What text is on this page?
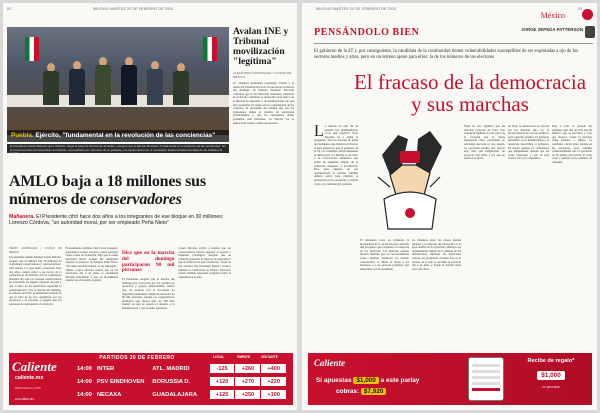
02	MILENIO MARTES 20 DE FEBRERO DE 2024
Puebla. Ejército, "fundamental en la revolución de las conciencias"
El presidente Andrés Manuel López Obrador, elogió al papel de las fuerzas armadas y aseguró que el Ejército Mexicano "fundamental en la revolución de las conciencias". En la conmemoración del aniversario del instituto, acompañado por miembros de su gabinete y la cúpula castrense, el mandatario federal enfatizó la lealtad de los soldados al pueblo.
Avalan INE y Tribunal movilización "legítima"
ALEJANDRO DOMÍNGUEZ / CIUDAD DE MÉXICO
La consejera presidenta Guadalupe Taddei y el titular del Tribunal Electoral reconocieron la marcha del domingo. El Instituto Nacional Electoral considera que la movilización ciudadana celebrada en el Zócalo capitalino se desarrolló en el marco de la libertad de expresión y de manifestación, sin que ello represente un riesgo para la organización de los comicios. El presidente del tribunal dijo que los ciudadanos tienen el derecho de expresarse pacíficamente y que las autoridades deben garantizar esas libertades. La marcha por la democracia reunió a miles de personas.
AMLO baja a 18 millones sus números de conservadores
Mañanera. El Presidente cifró hace dos años a los integrantes de ese bloque en 30 millones; Lorenzo Córdova, "un autoridad moral, por ser empleado Peña Nieto"
PEDRO DOMÍNGUEZ / CIUDAD DE MÉXICO
El presidente Andrés Manuel López Obrador aseguró que en México hay 18 millones de ciudadanos conservadores y 'aspiracionistas', cifra menor a la que había presentado hace dos años, cuando ubicó a ese sector de la población en 30 millones. En su conferencia matutina dijo que los votantes conservadores se concentran en algunas regiones del país y que el resto de los mexicanos respaldan la transformación. Tras la marcha del domingo en defensa del INE, el mandatario insistió en que se trató de un acto organizado por los opositores a su gobierno y aseguró que los asistentes no representan a la mayoría.
El mandatario también criticó al ex consejero presidente Lorenzo Córdova, quien participó como orador en la marcha. Dijo que no tiene autoridad moral porque fue designado durante el gobierno de Enrique Peña Nieto. "No tiene autoridad moral, es un empleado", afirmó. López Obrador reiteró que en las elecciones del 2 de junio la ciudadanía decidirá libremente y que su movimiento cuenta con el respaldo popular.
Dice que en la marcha del domingo participaron 90 mil personas
El Presidente aseguró que la marcha del domingo fue convocada por los partidos de oposición y grupos empresariales. Indicó que, de acuerdo con la Secretaría de Seguridad Ciudadana, asistieron alrededor de 90 mil personas, aunque los organizadores afirmaron que fueron más de 700 mil. Insistió en que se respeta el derecho a la manifestación y que no hubo represión.
López Obrador volvió a señalar que los conservadores buscan regresar al pasado y mantener privilegios. Aseguró que su gobierno garantiza la libertad de expresión y que la democracia está fortalecida. "Aquí no hay censura, hay libertades plenas", sostuvo durante la conferencia en Palacio Nacional, donde también respondió preguntas sobre la seguridad en el país.
Caliente
caliente.mx
DESCARGA LA APP
LIGA BBVA MX
PARTIDOS 20 DE FEBRERO	LOCAL	EMPATE	VISITANTE
14:00 INTER	ATL. MADRID	-125	+260	+400
14:00 PSV EINDHOVEN	BORUSSIA D.	+120	+270	+220
14:00 NECAXA	GUADALAJARA	+125	+250	+100
MILENIO MARTES 20 DE FEBRERO DE 2024	03
México
PENSÁNDOLO BIEN	JORGE ZEPEDA PATTERSON
El gobierno de la 4T y, por consiguiente, la candidata de la continuidad tienen vulnerabilidades susceptibles de ser explotadas a ojo de los sectores medios y altos, pero en un terreno ajeno para ellos: la de los números de los electores
El fracaso de la democracia y sus marchas
La marcha de este fin de semana fue multitudinaria, ¿Con qué objetivo? Todo depende de a quién le pregunten. Tras los decenas de miles de ciudadanos que llenaron el Zócalo, la idea general es que el gobierno de la 4T y la candidata oficial amenazan la democracia. La marcha es un éxito y su convocatoria demuestra que existe un segmento amplio de la población dispuesto a movilizarse. Pero para algunos de sus organizadores la marcha también debería servir para cambiar la percepción en las encuestas y restarle votos a la candidata del gobierno.
El fenómeno pone en evidencia la incapacidad de la oposición para articular una propuesta que convenza a la mayoría de los electores. Las marchas pueden mostrar músculo pero no necesariamente votos. Quienes asistieron ya estaban convencidos; lo difícil es atraer a los indecisos y a los sectores populares que simpatizan con el presidente.
La distancia entre las clases medias urbanas y la mayoría del electorado es el gran desafío de la oposición. Mientras los organizadores hablan de la defensa de las instituciones, millones de mexicanos valoran los programas sociales. Ese es el terreno en el que se decidirá la elección del 2 de junio y donde la marcha tiene poco que decir.
Nada de esto significa que las marchas carezcan de valor. Son expresión legítima de una parte de la sociedad que se siente amenazada. Pero convertirlas en estrategia electoral es otro asunto. La oposición tendría que ofrecer algo más que indignación: un proyecto que hable a los que no están en la plaza.
Al final, la democracia no fracasa por las marchas sino por la incapacidad de los actores políticos para construir puentes. El gobierno descalifica a los manifestantes y la oposición descalifica al gobierno. En medio quedan los ciudadanos que simplemente quieren que las cosas funcionen y que el país avance con paz y seguridad.
Pese a todo, la jornada del domingo dejó una lección: hay un México que se moviliza y otro que observa. Ganar la elección exige hablarle a ambos. La candidata oficial tiene ventaja en las encuestas, pero también vulnerabilidades que la oposición no ha sabido aprovechar. El reloj corre y quedan pocas semanas de campaña.
Caliente
Si apuestas $1,000 a este parlay
cobras: $7,920
Recibe de regalo*
$1,000
en apuestas
